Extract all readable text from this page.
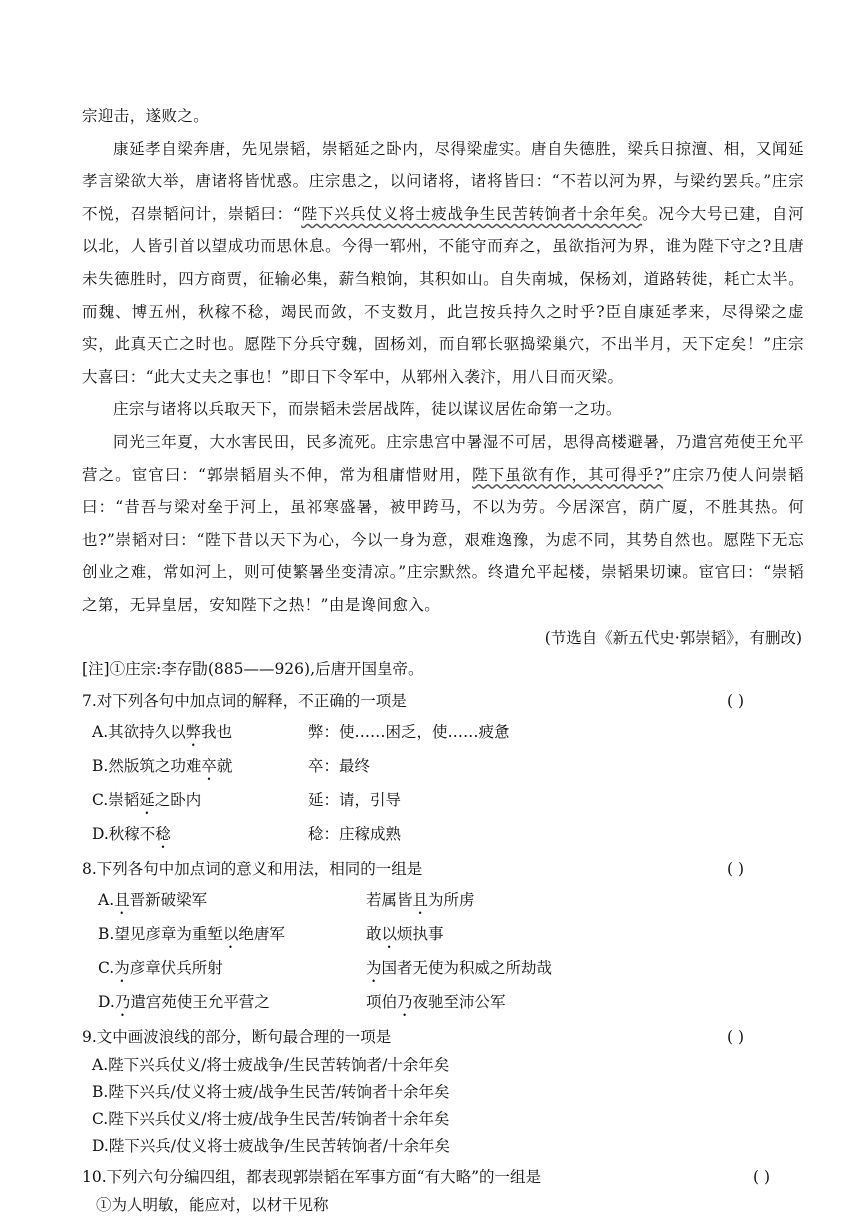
宗迎击，遂败之。

康延孝自梁奔唐，先见崇韬，崇韬延之卧内，尽得梁虚实。唐自失德胜，梁兵日掠澶、相，又闻延孝言梁欲大举，唐诸将皆忧惑。庄宗患之，以问诸将，诸将皆曰：“不若以河为界，与梁约罢兵。”庄宗不悦，召崇韬问计，崇韬曰：“陛下兴兵仗义将士疲战争生民苦转饷者十余年矣。况今大号已建，自河以北，人皆引首以望成功而思休息。今得一郓州，不能守而弃之，虽欲指河为界，谁为陛下守之?且唐未失德胜时，四方商贾，征输必集，薪刍粮饷，其积如山。自失南城，保杨刘，道路转徙，耗亡太半。而魏、博五州，秋稼不稔，竭民而敛，不支数月，此岂按兵持久之时乎?臣自康延孝来，尽得梁之虚实，此真天亡之时也。愿陛下分兵守魏，固杨刘，而自郓长驱捣梁巢穴，不出半月，天下定矣！”庄宗大喜曰：“此大丈夫之事也！”即日下令军中，从郓州入袭汴，用八日而灭梁。

庄宗与诸将以兵取天下，而崇韬未尝居战阵，徒以谋议居佐命第一之功。

同光三年夏，大水害民田，民多流死。庄宗患宫中暑湿不可居，思得高楼避暑，乃遣宫苑使王允平营之。宦官曰：“郭崇韬眉头不伸，常为租庸惜财用，陛下虽欲有作，其可得乎?”庄宗乃使人问崇韬曰：“昔吾与梁对垒于河上，虽祁寒盛暑，被甲跨马，不以为劳。今居深宫，荫广厦，不胜其热。何也?”崇韬对曰：“陛下昔以天下为心，今以一身为意，艰难逸豫，为虑不同，其势自然也。愿陛下无忘创业之难，常如河上，则可使繁暑坐变清凉。”庄宗默然。终遣允平起楼，崇韬果切谏。宦官曰：“崇韬之第，无异皇居，安知陛下之热！”由是谗间愈入。

(节选自《新五代史·郭崇韬》，有删改)

[注]①庄宗:李存勖(885——926),后唐开国皇帝。

7.对下列各句中加点词的解释，不正确的一项是	( )
A.其欲持久以弊我也	弊：使……困乏，使……疲惫
B.然版筑之功难卒就	卒：最终
C.崇韬延之卧内	延：请，引导
D.秋稼不稔	稔：庄稼成熟
8.下列各句中加点词的意义和用法，相同的一组是	( )
A.且晋新破梁军	若属皆且为所虏
B.望见彦章为重堑以绝唐军	敢以烦执事
C.为彦章伏兵所射	为国者无使为积威之所劫哉
D.乃遣宫苑使王允平营之	项伯乃夜驰至沛公军
9.文中画波浪线的部分，断句最合理的一项是	( )
A.陛下兴兵仗义/将士疲战争/生民苦转饷者/十余年矣
B.陛下兴兵/仗义将士疲/战争生民苦/转饷者十余年矣
C.陛下兴兵仗义/将士疲/战争生民苦/转饷者十余年矣
D.陛下兴兵/仗义将士疲战争/生民苦转饷者/十余年矣
10.下列六句分编四组，都表现郭崇韬在军事方面“有大略”的一组是	( )
①为人明敏，能应对，以材干见称
